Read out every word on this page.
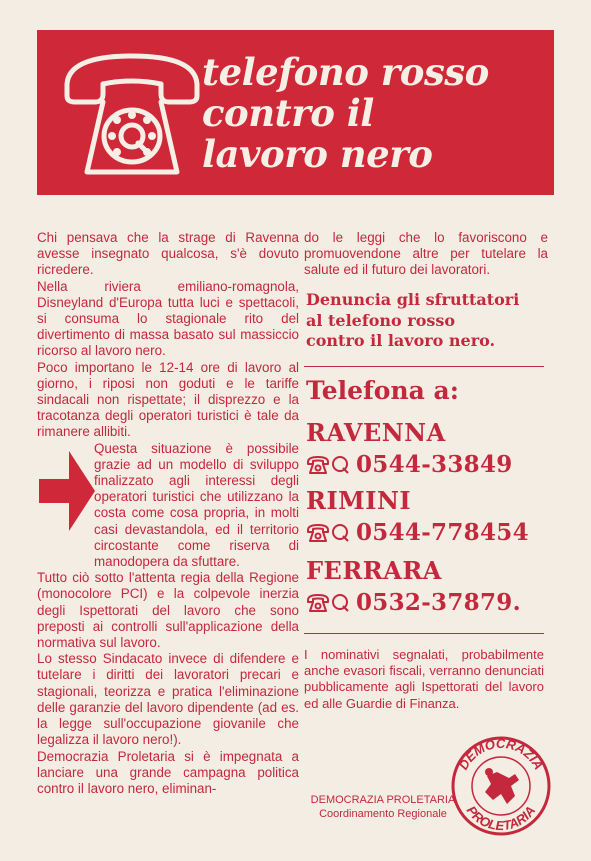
telefono rosso
contro il
lavoro nero

Chi pensava che la strage di Ravenna avesse insegnato qualcosa, s'è dovuto ricredere.

Nella riviera emiliano-romagnola, Disneyland d'Europa tutta luci e spettacoli, si consuma lo stagionale rito del divertimento di massa basato sul massiccio ricorso al lavoro nero.

Poco importano le 12-14 ore di lavoro al giorno, i riposi non goduti e le tariffe sindacali non rispettate; il disprezzo e la tracotanza degli operatori turistici è tale da rimanere allibiti.

Questa situazione è possibile grazie ad un modello di sviluppo finalizzato agli interessi degli operatori turistici che utilizzano la costa come cosa propria, in molti casi devastandola, ed il territorio circostante come riserva di manodopera da sfuttare.

Tutto ciò sotto l'attenta regia della Regione (monocolore PCI) e la colpevole inerzia degli Ispettorati del lavoro che sono preposti ai controlli sull'applicazione della normativa sul lavoro.

Lo stesso Sindacato invece di difendere e tutelare i diritti dei lavoratori precari e stagionali, teorizza e pratica l'eliminazione delle garanzie del lavoro dipendente (ad es. la legge sull'occupazione giovanile che legalizza il lavoro nero!).

Democrazia Proletaria si è impegnata a lanciare una grande campagna politica contro il lavoro nero, eliminan-

do le leggi che lo favoriscono e promuovendone altre per tutelare la salute ed il futuro dei lavoratori.

Denuncia gli sfruttatori
al telefono rosso
contro il lavoro nero.
Telefona a:
RAVENNA
0544-33849
RIMINI
0544-778454
FERRARA
0532-37879.
I nominativi segnalati, probabilmente anche evasori fiscali, verranno denunciati pubblicamente agli Ispettorati del lavoro ed alle Guardie di Finanza.
DEMOCRAZIA PROLETARIA
Coordinamento Regionale
DEMOCRAZIA
PROLETARIA
